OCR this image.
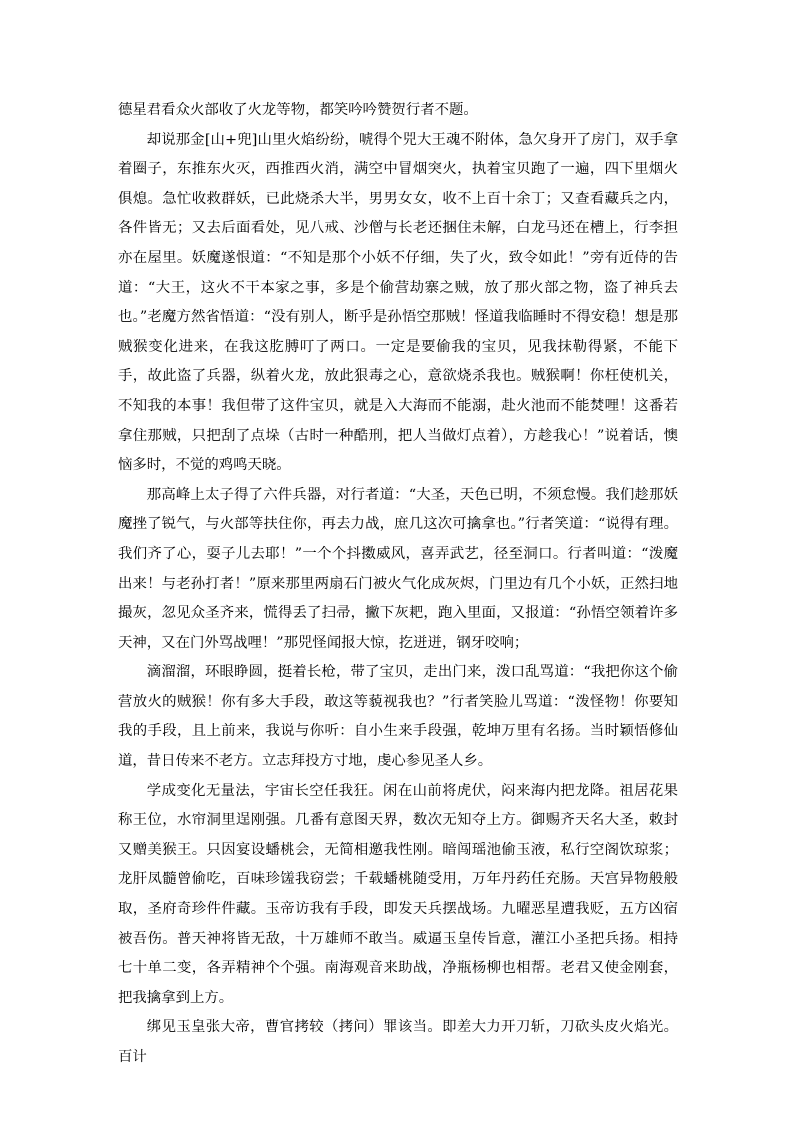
德星君看众火部收了火龙等物，都笑吟吟赞贺行者不题。

却说那金[山+兜]山里火焰纷纷，唬得个兕大王魂不附体，急欠身开了房门，双手拿着圈子，东推东火灭，西推西火消，满空中冒烟突火，执着宝贝跑了一遍，四下里烟火俱熄。急忙收救群妖，已此烧杀大半，男男女女，收不上百十余丁；又查看藏兵之内，各件皆无；又去后面看处，见八戒、沙僧与长老还捆住未解，白龙马还在槽上，行李担亦在屋里。妖魔遂恨道：“不知是那个小妖不仔细，失了火，致令如此！”旁有近侍的告道：“大王，这火不干本家之事，多是个偷营劫寨之贼，放了那火部之物，盗了神兵去也。”老魔方然省悟道：“没有别人，断乎是孙悟空那贼！怪道我临睡时不得安稳！想是那贼猴变化进来，在我这肐膊叮了两口。一定是要偷我的宝贝，见我抹勒得紧，不能下手，故此盗了兵器，纵着火龙，放此狠毒之心，意欲烧杀我也。贼猴啊！你枉使机关，不知我的本事！我但带了这件宝贝，就是入大海而不能溺，赴火池而不能焚哩！这番若拿住那贼，只把刮了点垛（古时一种酷刑，把人当做灯点着），方趁我心！”说着话，懊恼多时，不觉的鸡鸣天晓。

那高峰上太子得了六件兵器，对行者道：“大圣，天色已明，不须怠慢。我们趁那妖魔挫了锐气，与火部等扶住你，再去力战，庶几这次可擒拿也。”行者笑道：“说得有理。我们齐了心，耍子儿去耶！”一个个抖擞威风，喜弄武艺，径至洞口。行者叫道：“泼魔出来！与老孙打者！”原来那里两扇石门被火气化成灰烬，门里边有几个小妖，正然扫地撮灰，忽见众圣齐来，慌得丢了扫帚，撇下灰耙，跑入里面，又报道：“孙悟空领着许多天神，又在门外骂战哩！”那兕怪闻报大惊，扢迸迸，钢牙咬响；

滴溜溜，环眼睁圆，挺着长枪，带了宝贝，走出门来，泼口乱骂道：“我把你这个偷营放火的贼猴！你有多大手段，敢这等藐视我也？”行者笑脸儿骂道：“泼怪物！你要知我的手段，且上前来，我说与你听：自小生来手段强，乾坤万里有名扬。当时颖悟修仙道，昔日传来不老方。立志拜投方寸地，虔心参见圣人乡。

学成变化无量法，宇宙长空任我狂。闲在山前将虎伏，闷来海内把龙降。祖居花果称王位，水帘洞里逞刚强。几番有意图天界，数次无知夺上方。御赐齐天名大圣，敕封又赠美猴王。只因宴设蟠桃会，无简相邀我性刚。暗闯瑶池偷玉液，私行空阁饮琼浆；龙肝凤髓曾偷吃，百味珍馐我窃尝；千载蟠桃随受用，万年丹药任充肠。天宫异物般般取，圣府奇珍件件藏。玉帝访我有手段，即发天兵摆战场。九曜恶星遭我贬，五方凶宿被吾伤。普天神将皆无敌，十万雄师不敢当。威逼玉皇传旨意，灌江小圣把兵扬。相持七十单二变，各弄精神个个强。南海观音来助战，净瓶杨柳也相帮。老君又使金刚套，把我擒拿到上方。

绑见玉皇张大帝，曹官拷较（拷问）罪该当。即差大力开刀斩，刀砍头皮火焰光。百计
